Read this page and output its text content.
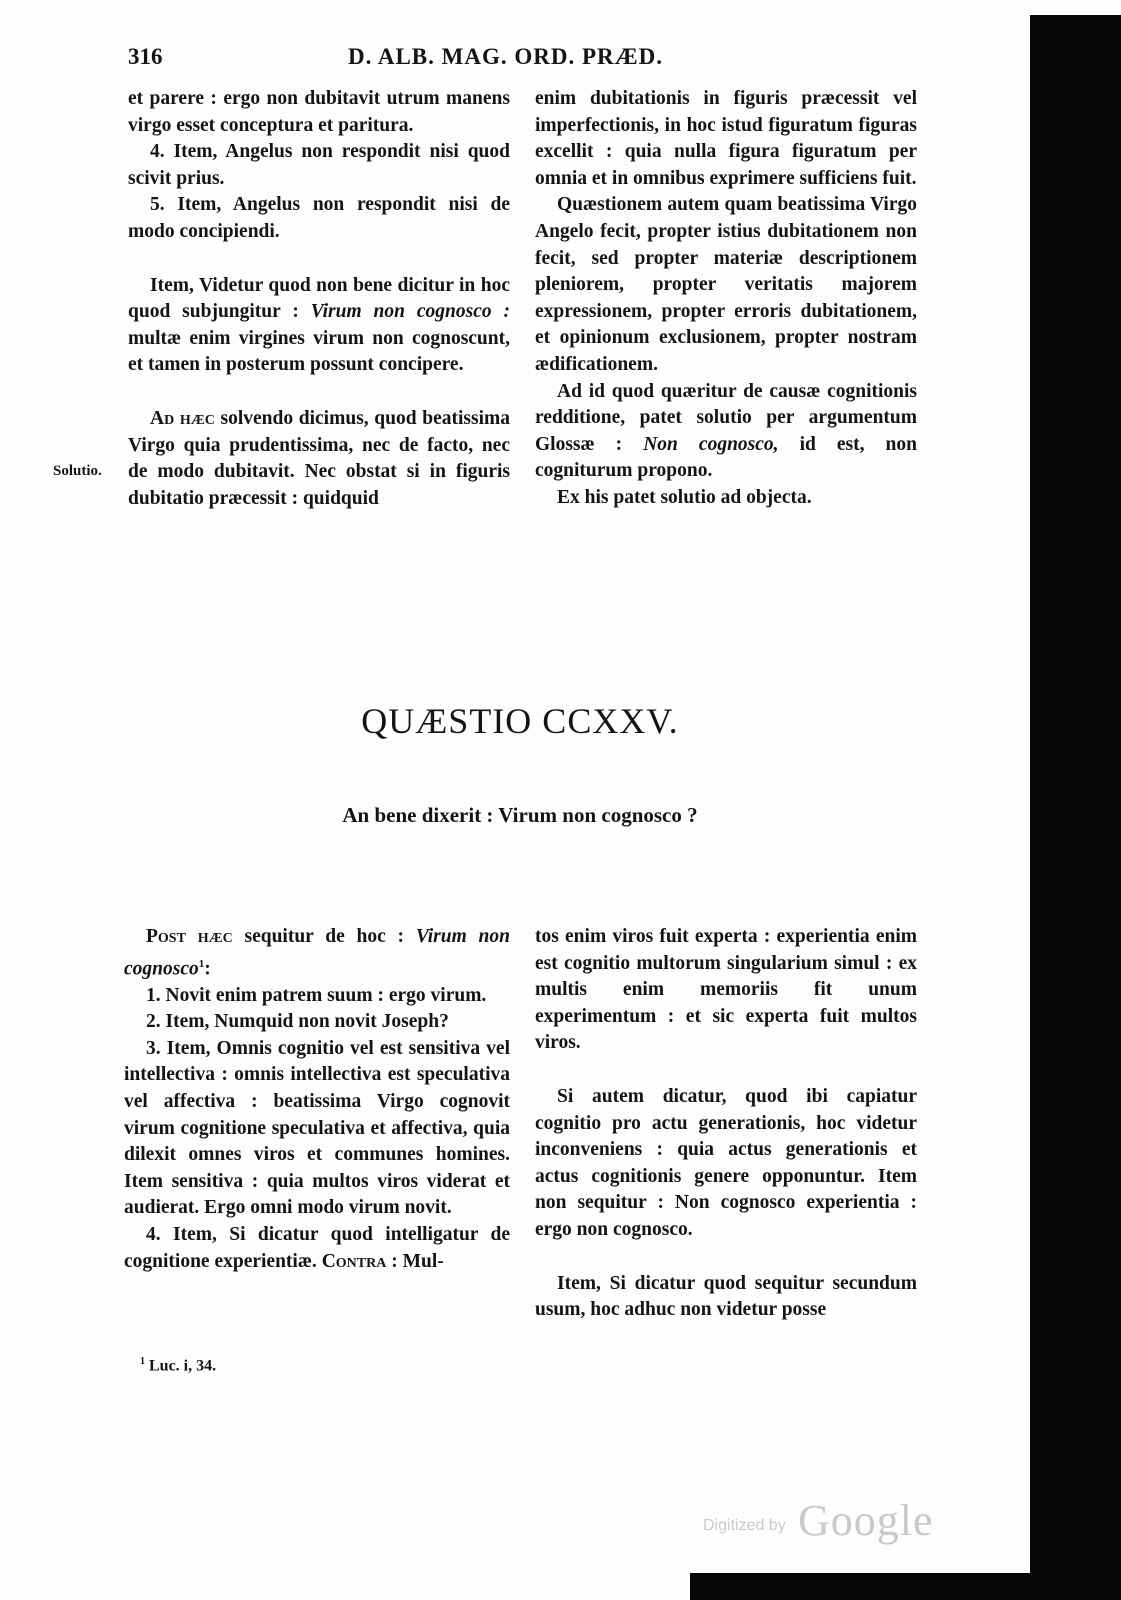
316	D. ALB. MAG. ORD. PRÆD.

et parere : ergo non dubitavit utrum manens virgo esset conceptura et paritura.

4. Item, Angelus non respondit nisi quod scivit prius.

5. Item, Angelus non respondit nisi de modo concipiendi.

Item, Videtur quod non bene dicitur in hoc quod subjungitur : Virum non cognosco : multæ enim virgines virum non cognoscunt, et tamen in posterum possunt concipere.

Ad hæc solvendo dicimus, quod beatissima Virgo quia prudentissima, nec de facto, nec de modo dubitavit. Nec obstat si in figuris dubitatio præcessit : quidquid

Solutio.

enim dubitationis in figuris præcessit vel imperfectionis, in hoc istud figuratum figuras excellit : quia nulla figura figuratum per omnia et in omnibus exprimere sufficiens fuit.

Quæstionem autem quam beatissima Virgo Angelo fecit, propter istius dubitationem non fecit, sed propter materiæ descriptionem pleniorem, propter veritatis majorem expressionem, propter erroris dubitationem, et opinionum exclusionem, propter nostram ædificationem.

Ad id quod quæritur de causæ cognitionis redditione, patet solutio per argumentum Glossæ : Non cognosco, id est, non cogniturum propono.

Ex his patet solutio ad objecta.

QUÆSTIO CCXXV.
An bene dixerit : Virum non cognosco ?

Post hæc sequitur de hoc : Virum non cognosco$^1$:

1. Novit enim patrem suum : ergo virum.

2. Item, Numquid non novit Joseph?

3. Item, Omnis cognitio vel est sensitiva vel intellectiva : omnis intellectiva est speculativa vel affectiva : beatissima Virgo cognovit virum cognitione speculativa et affectiva, quia dilexit omnes viros et communes homines. Item sensitiva : quia multos viros viderat et audierat. Ergo omni modo virum novit.

4. Item, Si dicatur quod intelligatur de cognitione experientiæ. Contra : Mul-

tos enim viros fuit experta : experientia enim est cognitio multorum singularium simul : ex multis enim memoriis fit unum experimentum : et sic experta fuit multos viros.

Si autem dicatur, quod ibi capiatur cognitio pro actu generationis, hoc videtur inconveniens : quia actus generationis et actus cognitionis genere opponuntur. Item non sequitur : Non cognosco experientia : ergo non cognosco.

Item, Si dicatur quod sequitur secundum usum, hoc adhuc non videtur posse

$^1$ Luc. i, 34.
Digitized by Google
